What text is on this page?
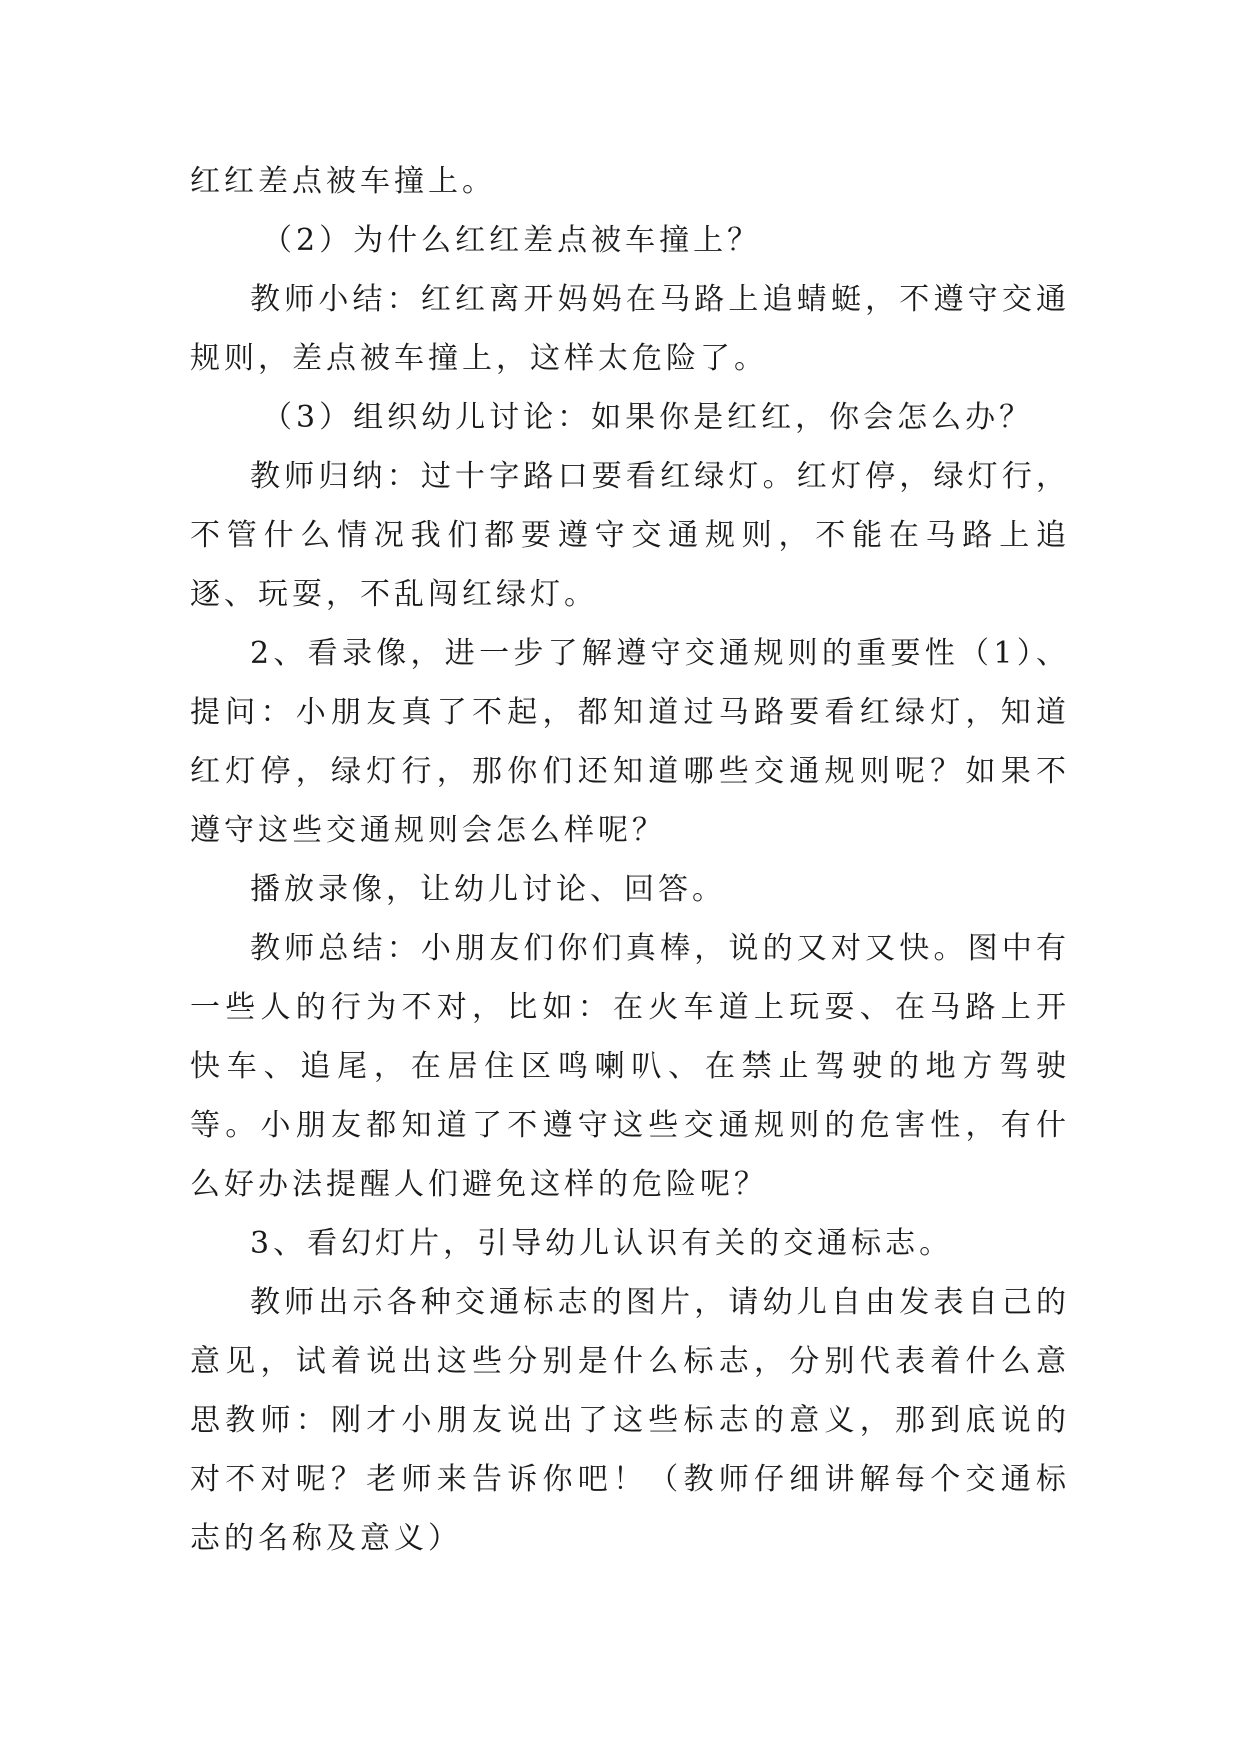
红红差点被车撞上。

（2）为什么红红差点被车撞上？

教师小结：红红离开妈妈在马路上追蜻蜓，不遵守交通规则，差点被车撞上，这样太危险了。

（3）组织幼儿讨论：如果你是红红，你会怎么办？

教师归纳：过十字路口要看红绿灯。红灯停，绿灯行，不管什么情况我们都要遵守交通规则，不能在马路上追逐、玩耍，不乱闯红绿灯。

2、看录像，进一步了解遵守交通规则的重要性（1）、提问：小朋友真了不起，都知道过马路要看红绿灯，知道红灯停，绿灯行，那你们还知道哪些交通规则呢？如果不遵守这些交通规则会怎么样呢？

播放录像，让幼儿讨论、回答。

教师总结：小朋友们你们真棒，说的又对又快。图中有一些人的行为不对，比如：在火车道上玩耍、在马路上开快车、追尾，在居住区鸣喇叭、在禁止驾驶的地方驾驶等。小朋友都知道了不遵守这些交通规则的危害性，有什么好办法提醒人们避免这样的危险呢？

3、看幻灯片，引导幼儿认识有关的交通标志。

教师出示各种交通标志的图片，请幼儿自由发表自己的意见，试着说出这些分别是什么标志，分别代表着什么意思教师：刚才小朋友说出了这些标志的意义，那到底说的对不对呢？老师来告诉你吧！（教师仔细讲解每个交通标志的名称及意义）
